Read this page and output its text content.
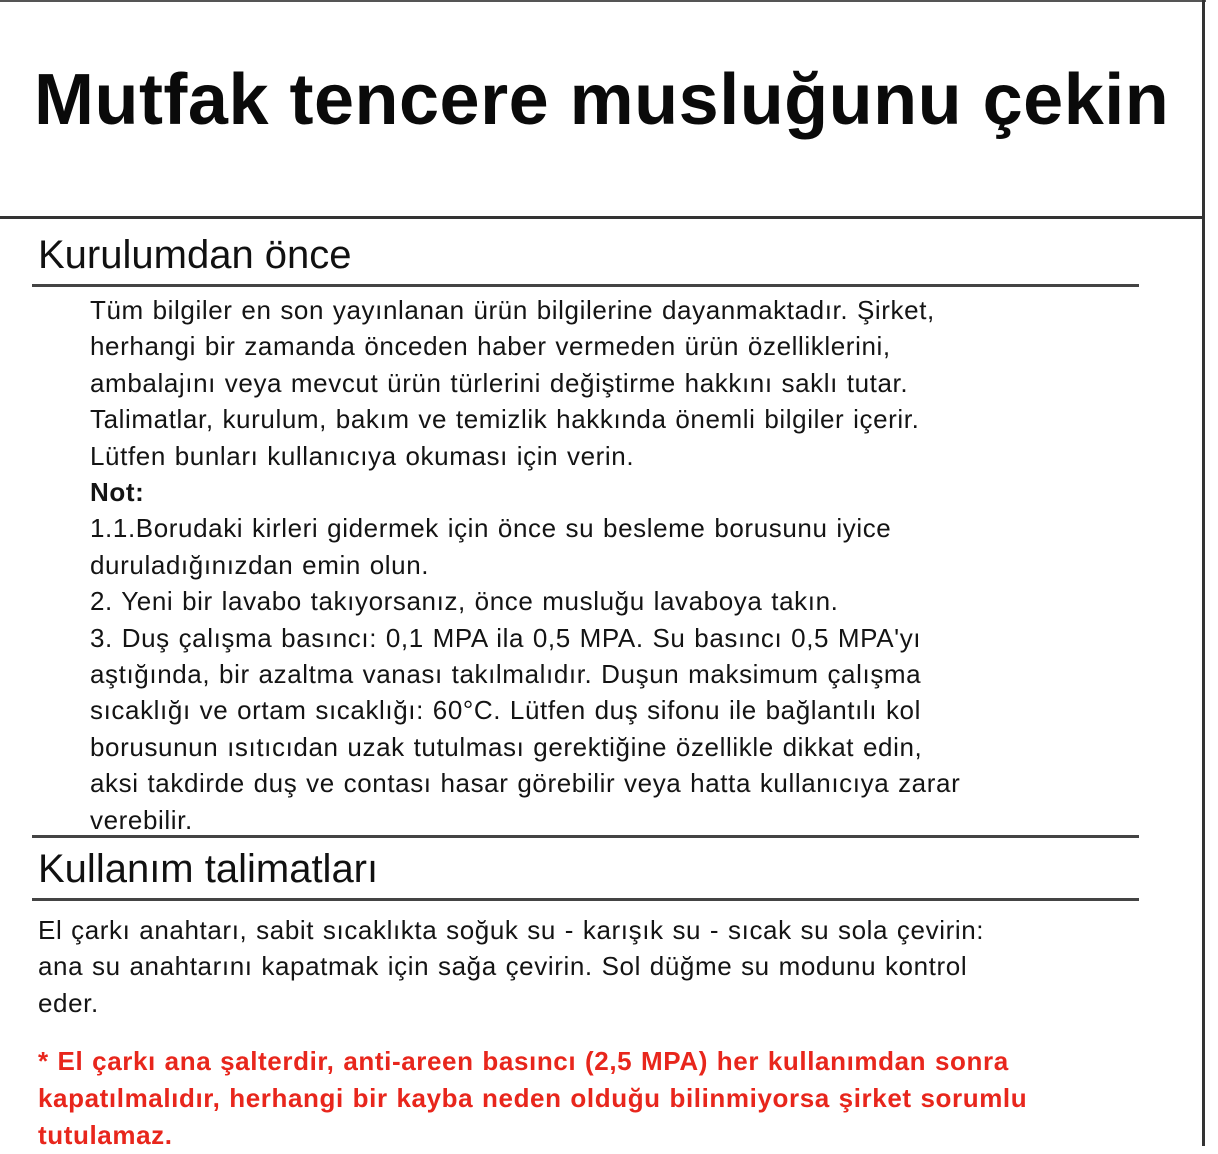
Mutfak tencere musluğunu çekin
Kurulumdan önce
Tüm bilgiler en son yayınlanan ürün bilgilerine dayanmaktadır. Şirket,
herhangi bir zamanda önceden haber vermeden ürün özelliklerini,
ambalajını veya mevcut ürün türlerini değiştirme hakkını saklı tutar.
Talimatlar, kurulum, bakım ve temizlik hakkında önemli bilgiler içerir.
Lütfen bunları kullanıcıya okuması için verin.
Not:
1.1.Borudaki kirleri gidermek için önce su besleme borusunu iyice
duruladığınızdan emin olun.
2. Yeni bir lavabo takıyorsanız, önce musluğu lavaboya takın.
3. Duş çalışma basıncı: 0,1 MPA ila 0,5 MPA. Su basıncı 0,5 MPA'yı
aştığında, bir azaltma vanası takılmalıdır. Duşun maksimum çalışma
sıcaklığı ve ortam sıcaklığı: 60°C. Lütfen duş sifonu ile bağlantılı kol
borusunun ısıtıcıdan uzak tutulması gerektiğine özellikle dikkat edin,
aksi takdirde duş ve contası hasar görebilir veya hatta kullanıcıya zarar
verebilir.
Kullanım talimatları
El çarkı anahtarı, sabit sıcaklıkta soğuk su - karışık su - sıcak su sola çevirin:
ana su anahtarını kapatmak için sağa çevirin. Sol düğme su modunu kontrol
eder.
* El çarkı ana şalterdir, anti-areen basıncı (2,5 MPA) her kullanımdan sonra
kapatılmalıdır, herhangi bir kayba neden olduğu bilinmiyorsa şirket sorumlu
tutulamaz.
